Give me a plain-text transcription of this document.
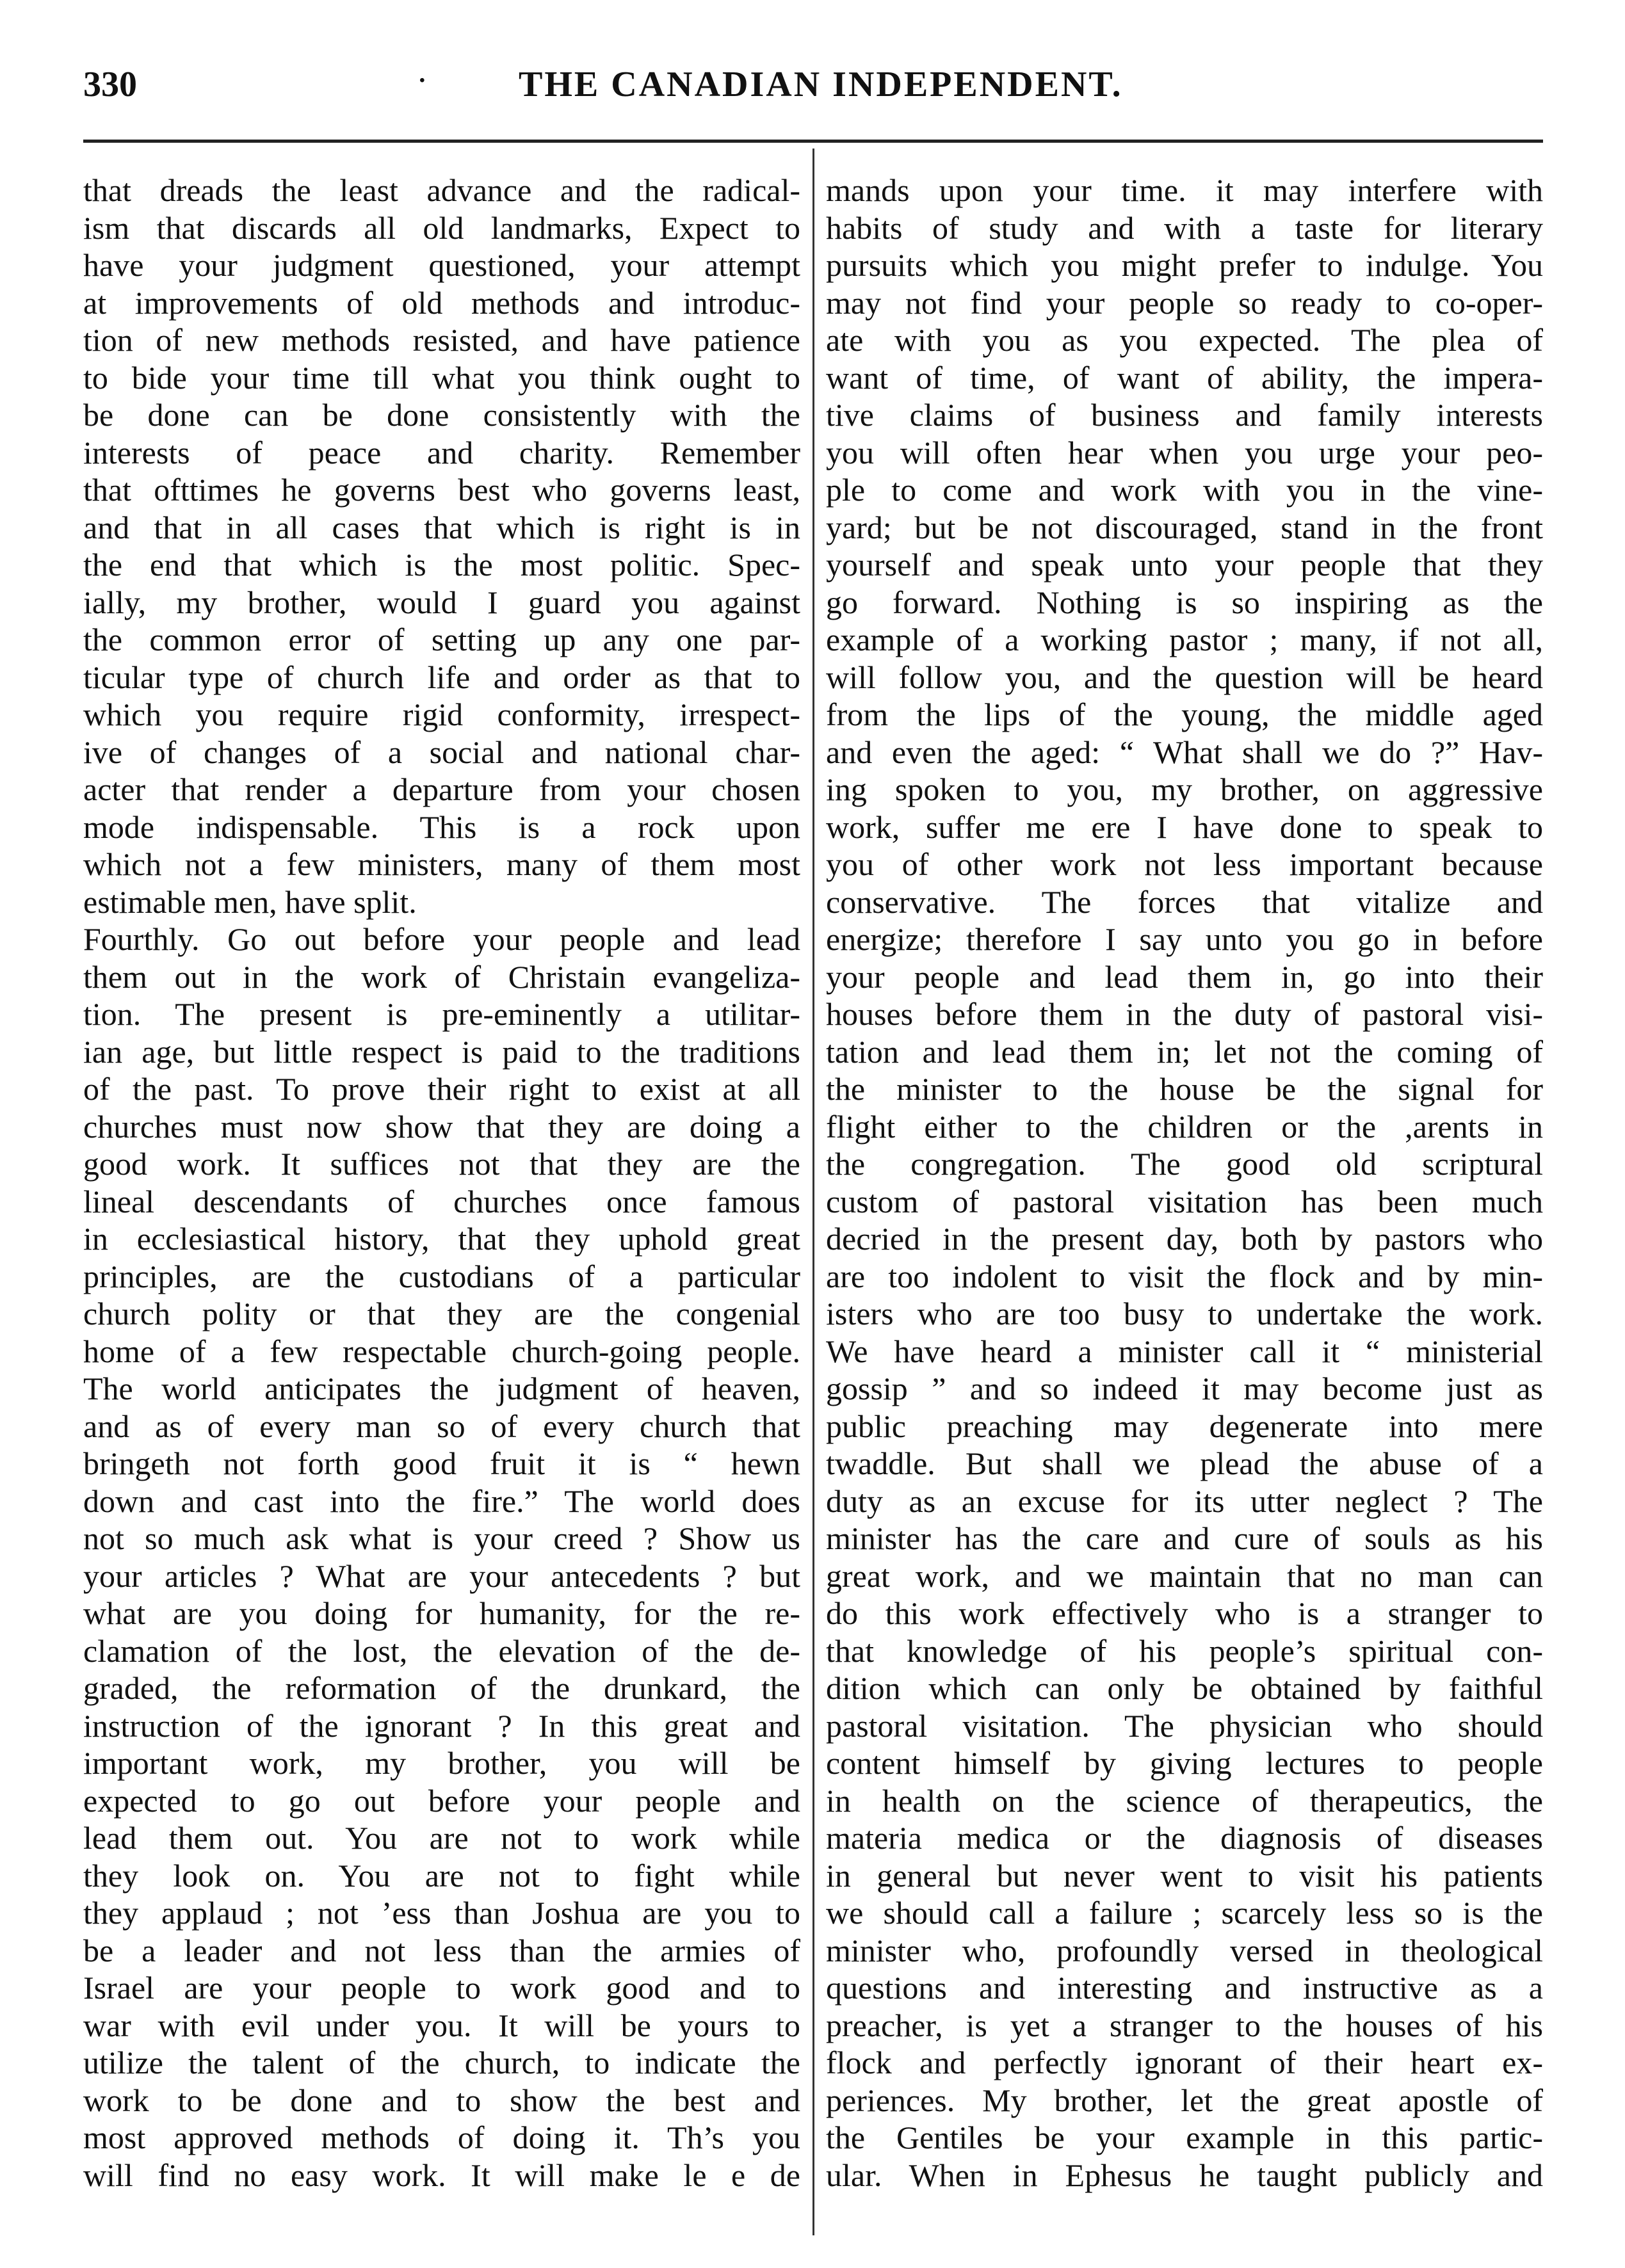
330	·	THE CANADIAN INDEPENDENT.
that dreads the least advance and the radical-
ism that discards all old landmarks, Expect to
have your judgment questioned, your attempt
at improvements of old methods and introduc-
tion of new methods resisted, and have patience
to bide your time till what you think ought to
be done can be done consistently with the
interests of peace and charity. Remember
that ofttimes he governs best who governs least,
and that in all cases that which is right is in
the end that which is the most politic. Spec-
ially, my brother, would I guard you against
the common error of setting up any one par-
ticular type of church life and order as that to
which you require rigid conformity, irrespect-
ive of changes of a social and national char-
acter that render a departure from your chosen
mode indispensable. This is a rock upon
which not a few ministers, many of them most
estimable men, have split.
Fourthly. Go out before your people and lead
them out in the work of Christain evangeliza-
tion. The present is pre-eminently a utilitar-
ian age, but little respect is paid to the traditions
of the past. To prove their right to exist at all
churches must now show that they are doing a
good work. It suffices not that they are the
lineal descendants of churches once famous
in ecclesiastical history, that they uphold great
principles, are the custodians of a particular
church polity or that they are the congenial
home of a few respectable church-going people.
The world anticipates the judgment of heaven,
and as of every man so of every church that
bringeth not forth good fruit it is “ hewn
down and cast into the fire.” The world does
not so much ask what is your creed ? Show us
your articles ? What are your antecedents ? but
what are you doing for humanity, for the re-
clamation of the lost, the elevation of the de-
graded, the reformation of the drunkard, the
instruction of the ignorant ? In this great and
important work, my brother, you will be
expected to go out before your people and
lead them out. You are not to work while
they look on. You are not to fight while
they applaud ; not ’ess than Joshua are you to
be a leader and not less than the armies of
Israel are your people to work good and to
war with evil under you. It will be yours to
utilize the talent of the church, to indicate the
work to be done and to show the best and
most approved methods of doing it. Th’s you
will find no easy work. It will make le e de
mands upon your time. it may interfere with
habits of study and with a taste for literary
pursuits which you might prefer to indulge. You
may not find your people so ready to co-oper-
ate with you as you expected. The plea of
want of time, of want of ability, the impera-
tive claims of business and family interests
you will often hear when you urge your peo-
ple to come and work with you in the vine-
yard; but be not discouraged, stand in the front
yourself and speak unto your people that they
go forward. Nothing is so inspiring as the
example of a working pastor ; many, if not all,
will follow you, and the question will be heard
from the lips of the young, the middle aged
and even the aged: “ What shall we do ?” Hav-
ing spoken to you, my brother, on aggressive
work, suffer me ere I have done to speak to
you of other work not less important because
conservative. The forces that vitalize and
energize; therefore I say unto you go in before
your people and lead them in, go into their
houses before them in the duty of pastoral visi-
tation and lead them in; let not the coming of
the minister to the house be the signal for
flight either to the children or the ,arents in
the congregation. The good old scriptural
custom of pastoral visitation has been much
decried in the present day, both by pastors who
are too indolent to visit the flock and by min-
isters who are too busy to undertake the work.
We have heard a minister call it “ ministerial
gossip ” and so indeed it may become just as
public preaching may degenerate into mere
twaddle. But shall we plead the abuse of a
duty as an excuse for its utter neglect ? The
minister has the care and cure of souls as his
great work, and we maintain that no man can
do this work effectively who is a stranger to
that knowledge of his people’s spiritual con-
dition which can only be obtained by faithful
pastoral visitation. The physician who should
content himself by giving lectures to people
in health on the science of therapeutics, the
materia medica or the diagnosis of diseases
in general but never went to visit his patients
we should call a failure ; scarcely less so is the
minister who, profoundly versed in theological
questions and interesting and instructive as a
preacher, is yet a stranger to the houses of his
flock and perfectly ignorant of their heart ex-
periences. My brother, let the great apostle of
the Gentiles be your example in this partic-
ular. When in Ephesus he taught publicly and
